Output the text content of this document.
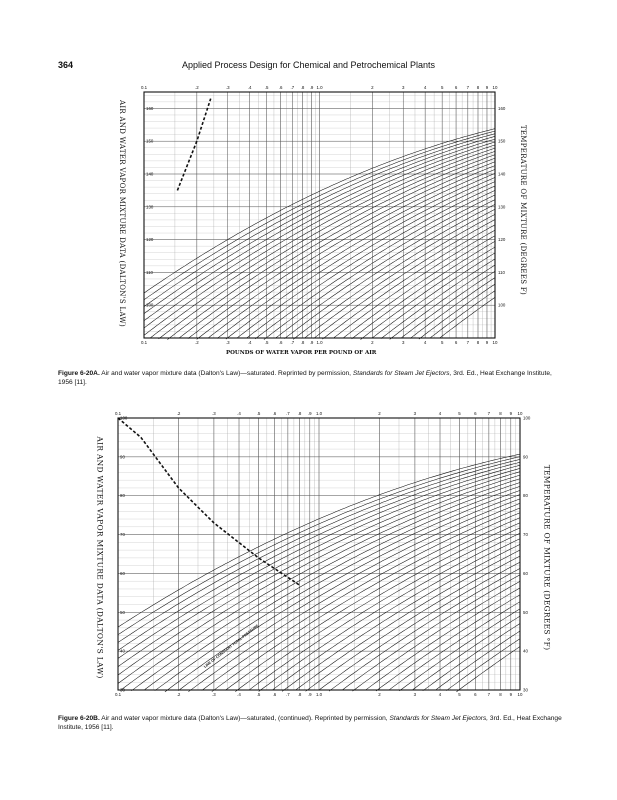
364	Applied Process Design for Chemical and Petrochemical Plants
0.1
0.1
.2
.2
.3
.3
.4
.4
.5
.5
.6
.6
.7
.7
.8
.8
.9
.9
1.0
1.0
2
2
3
3
4
4
5
5
6
6
7
7
8
8
9
9
10
10
100	100
110	110
120	120
130	130
140	140
150	150
160	160
AIR AND WATER VAPOR MIXTURE DATA (DALTON'S LAW)	TEMPERATURE OF MIXTURE (DEGREES F)
POUNDS OF WATER VAPOR PER POUND OF AIR
Figure 6-20A. Air and water vapor mixture data (Dalton's Law)—saturated. Reprinted by permission, Standards for Steam Jet Ejectors, 3rd. Ed., Heat Exchange Institute, 1956 [11].
0.1
0.1
.2
.2
.3
.3
.4
.4
.5
.5
.6
.6
.7
.7
.8
.8
.9
.9
1.0
1.0
2
2
3
3
4
4
5
5
6
6
7
7
8
8
9
9
10
10
30	30
40	40
50	50
60	60
70	70
80	80
90	90
100	100
LINE OF CONSTANT TOTAL PRESSURE
AIR AND WATER VAPOR MIXTURE DATA (DALTON'S LAW)	TEMPERATURE OF MIXTURE (DEGREES °F)
Figure 6-20B. Air and water vapor mixture data (Dalton's Law)—saturated, (continued). Reprinted by permission, Standards for Steam Jet Ejectors, 3rd. Ed., Heat Exchange Institute, 1956 [11].
